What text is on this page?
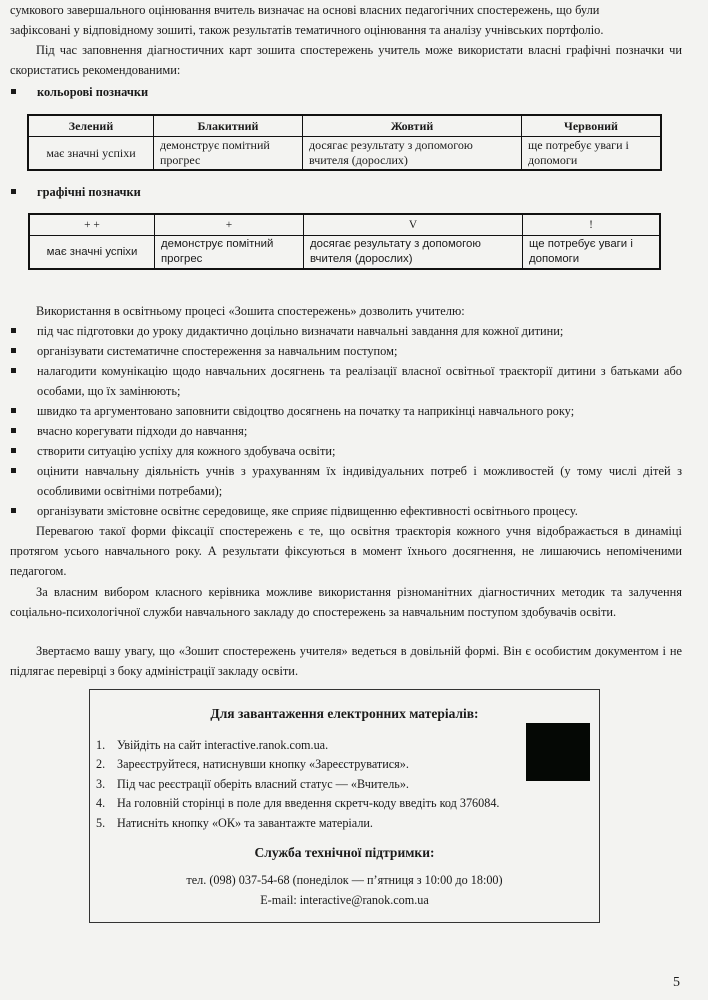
сумкового завершального оцінювання вчитель визначає на основі власних педагогічних спостережень, що були
зафіксовані у відповідному зошиті, також результатів тематичного оцінювання та аналізу учнівських портфоліо.
Під час заповнення діагностичних карт зошита спостережень учитель може використати власні графічні позначки чи скористатись рекомендованими:
кольорові позначки
Зелений	Блакитний	Жовтий	Червоний
має значні успіхи	демонструє помітний прогрес	досягає результату з допомогою вчителя (дорослих)	ще потребує уваги і допомоги
графічні позначки
+ +	+	V	!
має значні успіхи	демонструє помітний прогрес	досягає результату з допомогою вчителя (дорослих)	ще потребує уваги і допомоги
Використання в освітньому процесі «Зошита спостережень» дозволить учителю:
під час підготовки до уроку дидактично доцільно визначати навчальні завдання для кожної дитини;
організувати систематичне спостереження за навчальним поступом;
налагодити комунікацію щодо навчальних досягнень та реалізації власної освітньої траєкторії дитини з батьками або особами, що їх замінюють;
швидко та аргументовано заповнити свідоцтво досягнень на початку та наприкінці навчального року;
вчасно корегувати підходи до навчання;
створити ситуацію успіху для кожного здобувача освіти;
оцінити навчальну діяльність учнів з урахуванням їх індивідуальних потреб і можливостей (у тому числі дітей з особливими освітніми потребами);
організувати змістовне освітнє середовище, яке сприяє підвищенню ефективності освітнього процесу.
Перевагою такої форми фіксації спостережень є те, що освітня траєкторія кожного учня відображається в динаміці протягом усього навчального року. А результати фіксуються в момент їхнього досягнення, не лишаючись непоміченими педагогом.
За власним вибором класного керівника можливе використання різноманітних діагностичних методик та залучення соціально-психологічної служби навчального закладу до спостережень за навчальним поступом здобувачів освіти.
Звертаємо вашу увагу, що «Зошит спостережень учителя» ведеться в довільній формі. Він є особистим документом і не підлягає перевірці з боку адміністрації закладу освіти.
Для завантаження електронних матеріалів:
1. Увійдіть на сайт interactive.ranok.com.ua.
2. Зареєструйтеся, натиснувши кнопку «Зареєструватися».
3. Під час реєстрації оберіть власний статус — «Вчитель».
4. На головній сторінці в поле для введення скретч-коду введіть код 376084.
5. Натисніть кнопку «ОК» та завантажте матеріали.
Служба технічної підтримки:
тел. (098) 037-54-68 (понеділок — п’ятниця з 10:00 до 18:00)
E-mail: interactive@ranok.com.ua
5
